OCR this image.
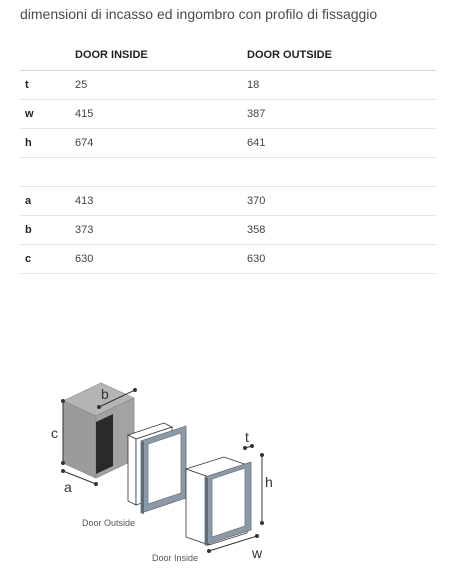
dimensioni di incasso ed ingombro con profilo di fissaggio
	DOOR INSIDE	DOOR OUTSIDE
t	25	18
w	415	387
h	674	641

a	413	370
b	373	358
c	630	630
c
a
b
Door Outside
Door Inside
t
h
w
